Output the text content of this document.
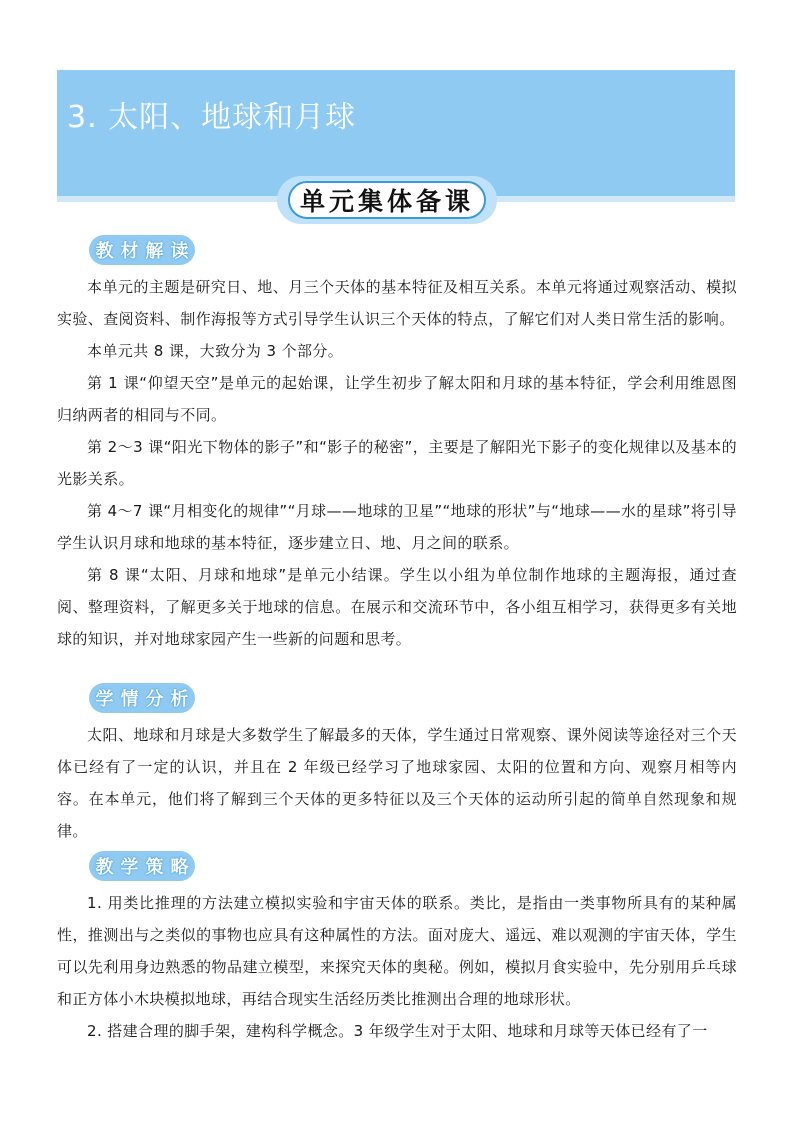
3. 太阳、地球和月球
单元集体备课
教材解读

本单元的主题是研究日、地、月三个天体的基本特征及相互关系。本单元将通过观察活动、模拟实验、查阅资料、制作海报等方式引导学生认识三个天体的特点，了解它们对人类日常生活的影响。

本单元共 8 课，大致分为 3 个部分。

第 1 课“仰望天空”是单元的起始课，让学生初步了解太阳和月球的基本特征，学会利用维恩图归纳两者的相同与不同。

第 2～3 课“阳光下物体的影子”和“影子的秘密”，主要是了解阳光下影子的变化规律以及基本的光影关系。

第 4～7 课“月相变化的规律”“月球——地球的卫星”“地球的形状”与“地球——水的星球”将引导学生认识月球和地球的基本特征，逐步建立日、地、月之间的联系。

第 8 课“太阳、月球和地球”是单元小结课。学生以小组为单位制作地球的主题海报，通过查阅、整理资料，了解更多关于地球的信息。在展示和交流环节中，各小组互相学习，获得更多有关地球的知识，并对地球家园产生一些新的问题和思考。

学情分析

太阳、地球和月球是大多数学生了解最多的天体，学生通过日常观察、课外阅读等途径对三个天体已经有了一定的认识，并且在 2 年级已经学习了地球家园、太阳的位置和方向、观察月相等内容。在本单元，他们将了解到三个天体的更多特征以及三个天体的运动所引起的简单自然现象和规律。

教学策略

1. 用类比推理的方法建立模拟实验和宇宙天体的联系。类比，是指由一类事物所具有的某种属性，推测出与之类似的事物也应具有这种属性的方法。面对庞大、遥远、难以观测的宇宙天体，学生可以先利用身边熟悉的物品建立模型，来探究天体的奥秘。例如，模拟月食实验中，先分别用乒乓球和正方体小木块模拟地球，再结合现实生活经历类比推测出合理的地球形状。

2. 搭建合理的脚手架，建构科学概念。3 年级学生对于太阳、地球和月球等天体已经有了一
